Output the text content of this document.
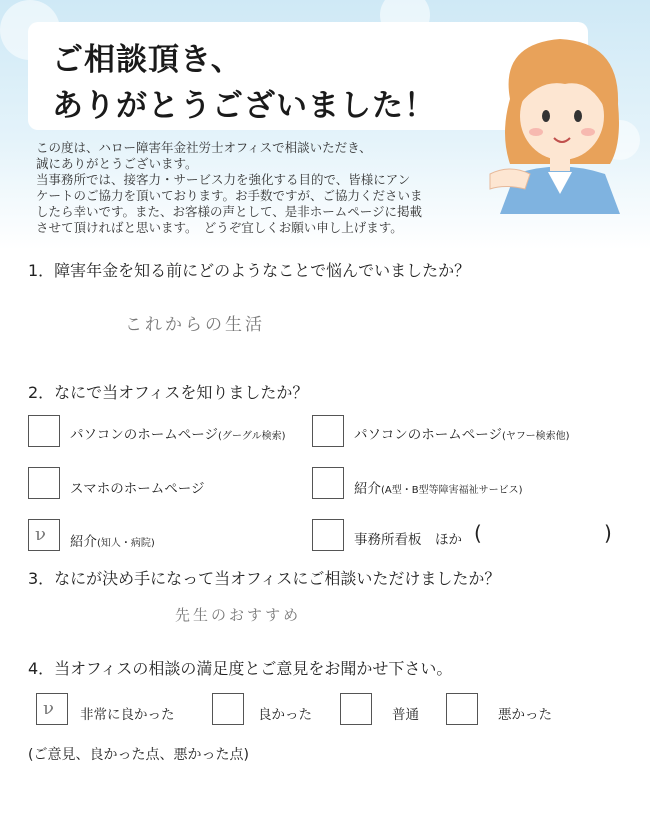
ご相談頂き、
ありがとうございました！
この度は、ハロー障害年金社労士オフィスで相談いただき、
誠にありがとうございます。
当事務所では、接客力・サービス力を強化する目的で、皆様にアン
ケートのご協力を頂いております。お手数ですが、ご協力くださいま
したら幸いです。また、お客様の声として、是非ホームページに掲載
させて頂ければと思います。　どうぞ宜しくお願い申し上げます。
1．障害年金を知る前にどのようなことで悩んでいましたか？
これからの生活
2．なにで当オフィスを知りましたか？
パソコンのホームページ(グーグル検索)	パソコンのホームページ(ヤフー検索他)
スマホのホームページ	紹介(A型・B型等障害福祉サービス)
ν 紹介(知人・病院)	事務所看板　ほか (	)
3．なにが決め手になって当オフィスにご相談いただけましたか？
先生のおすすめ
4．当オフィスの相談の満足度とご意見をお聞かせ下さい。
ν 非常に良かった	良かった	普通	悪かった
(ご意見、良かった点、悪かった点)
